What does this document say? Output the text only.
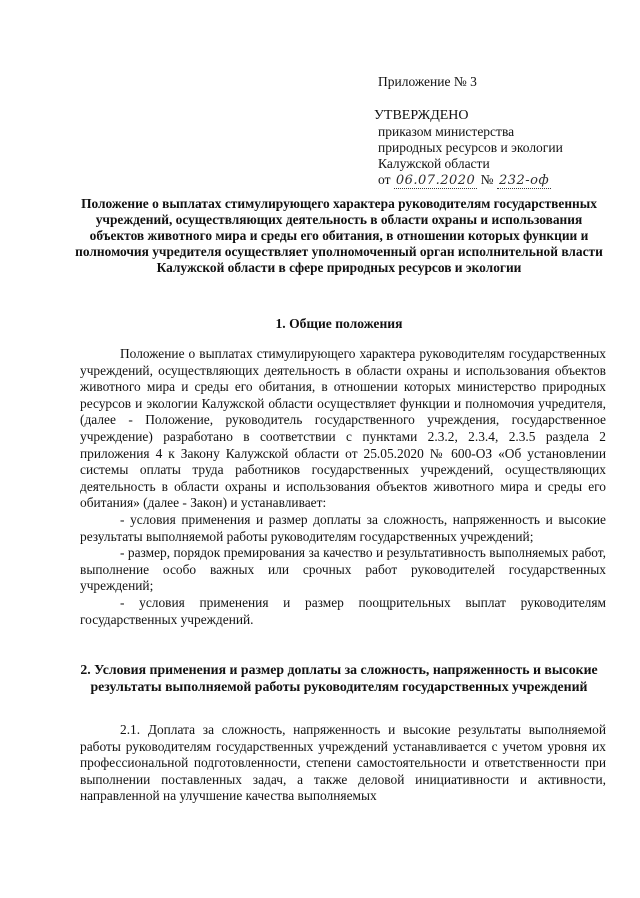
Приложение № 3
УТВЕРЖДЕНО
приказом министерства
природных ресурсов и экологии
Калужской области
от 06.07.2020 № 232-оф
Положение о выплатах стимулирующего характера руководителям государственных учреждений, осуществляющих деятельность в области охраны и использования объектов животного мира и среды его обитания, в отношении которых функции и полномочия учредителя осуществляет уполномоченный орган исполнительной власти Калужской области в сфере природных ресурсов и экологии
1. Общие положения

Положение о выплатах стимулирующего характера руководителям государственных учреждений, осуществляющих деятельность в области охраны и использования объектов животного мира и среды его обитания, в отношении которых министерство природных ресурсов и экологии Калужской области осуществляет функции и полномочия учредителя, (далее - Положение, руководитель государственного учреждения, государственное учреждение) разработано в соответствии с пунктами 2.3.2, 2.3.4, 2.3.5 раздела 2 приложения 4 к Закону Калужской области от 25.05.2020 № 600-ОЗ «Об установлении системы оплаты труда работников государственных учреждений, осуществляющих деятельность в области охраны и использования объектов животного мира и среды его обитания» (далее - Закон) и устанавливает:

- условия применения и размер доплаты за сложность, напряженность и высокие результаты выполняемой работы руководителям государственных учреждений;

- размер, порядок премирования за качество и результативность выполняемых работ, выполнение особо важных или срочных работ руководителей государственных учреждений;

- условия применения и размер поощрительных выплат руководителям государственных учреждений.

2. Условия применения и размер доплаты за сложность, напряженность и высокие результаты выполняемой работы руководителям государственных учреждений

2.1. Доплата за сложность, напряженность и высокие результаты выполняемой работы руководителям государственных учреждений устанавливается с учетом уровня их профессиональной подготовленности, степени самостоятельности и ответственности при выполнении поставленных задач, а также деловой инициативности и активности, направленной на улучшение качества выполняемых
